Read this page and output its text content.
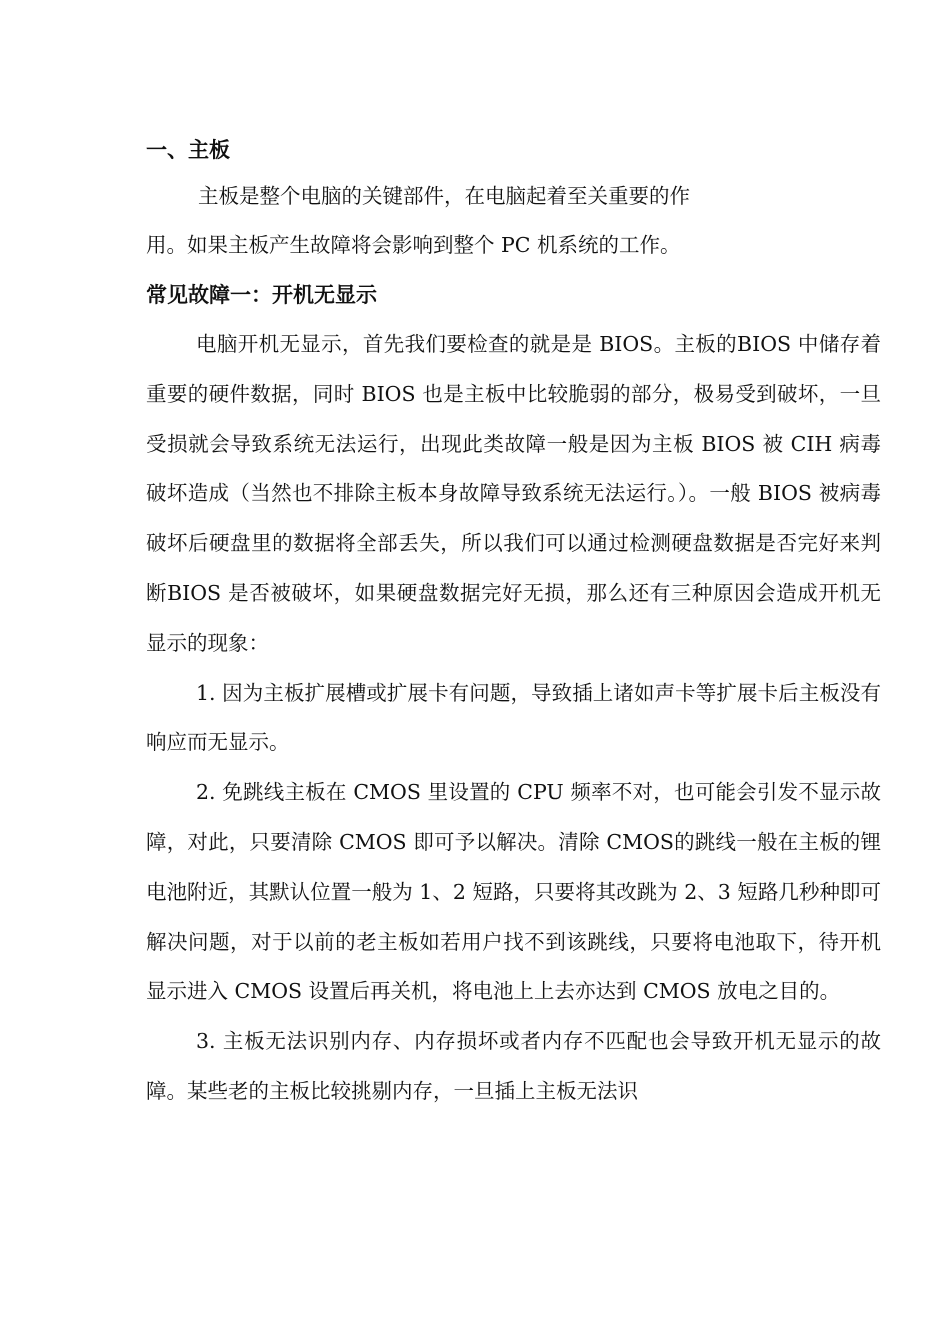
一、主板

主板是整个电脑的关键部件，在电脑起着至关重要的作

用。如果主板产生故障将会影响到整个 PC 机系统的工作。

常见故障一：开机无显示

电脑开机无显示，首先我们要检查的就是是 BIOS。主板的BIOS 中储存着重要的硬件数据，同时 BIOS 也是主板中比较脆弱的部分，极易受到破坏，一旦受损就会导致系统无法运行，出现此类故障一般是因为主板 BIOS 被 CIH 病毒破坏造成（当然也不排除主板本身故障导致系统无法运行。）。一般 BIOS 被病毒破坏后硬盘里的数据将全部丢失，所以我们可以通过检测硬盘数据是否完好来判断BIOS 是否被破坏，如果硬盘数据完好无损，那么还有三种原因会造成开机无显示的现象：

1. 因为主板扩展槽或扩展卡有问题，导致插上诸如声卡等扩展卡后主板没有响应而无显示。

2. 免跳线主板在 CMOS 里设置的 CPU 频率不对，也可能会引发不显示故障，对此，只要清除 CMOS 即可予以解决。清除 CMOS的跳线一般在主板的锂电池附近，其默认位置一般为 1、2 短路，只要将其改跳为 2、3 短路几秒种即可解决问题，对于以前的老主板如若用户找不到该跳线，只要将电池取下，待开机显示进入 CMOS 设置后再关机，将电池上上去亦达到 CMOS 放电之目的。

3. 主板无法识别内存、内存损坏或者内存不匹配也会导致开机无显示的故障。某些老的主板比较挑剔内存，一旦插上主板无法识
